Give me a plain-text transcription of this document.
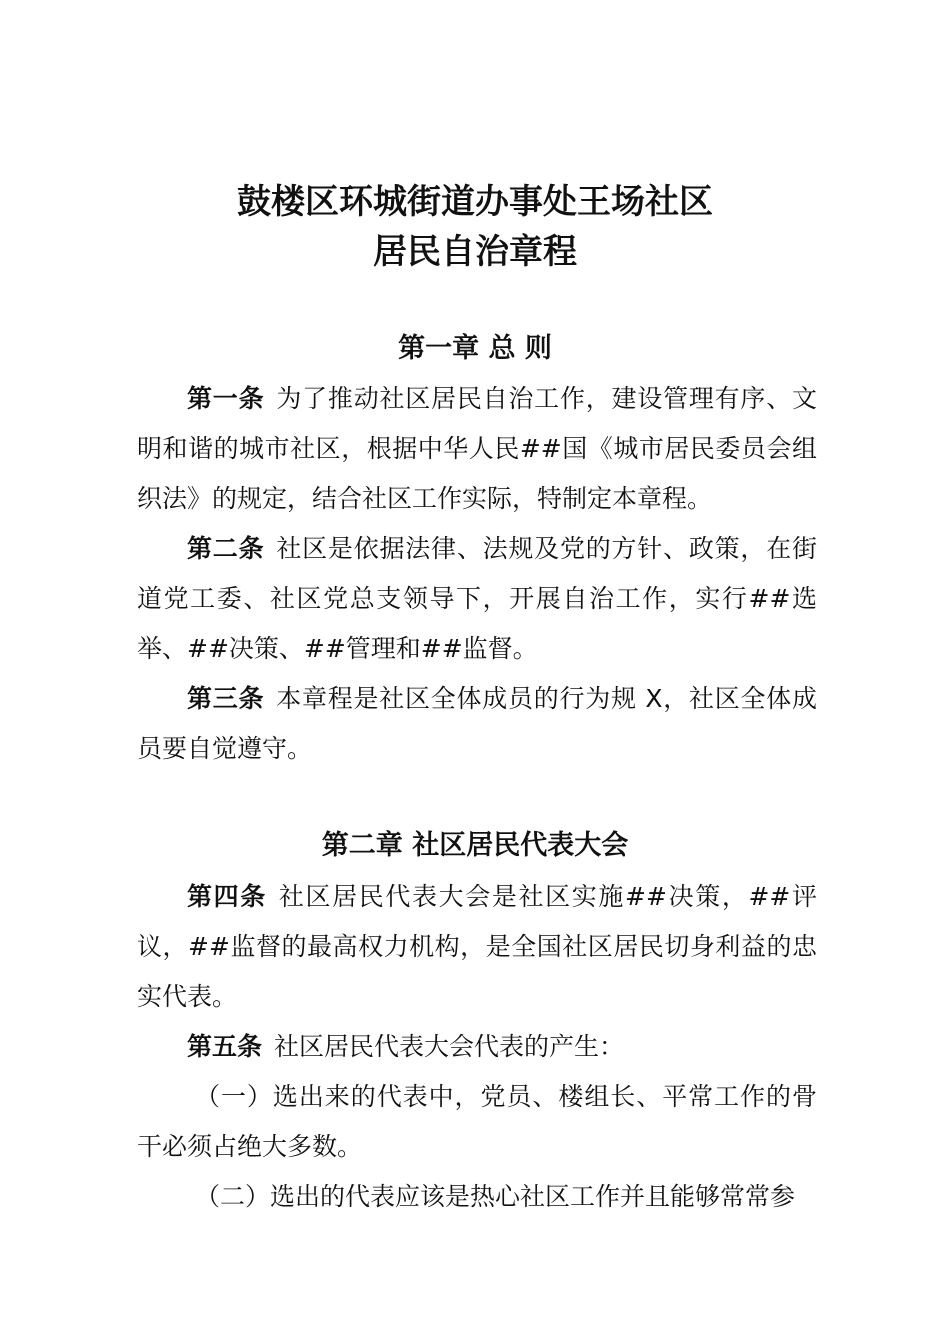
鼓楼区环城街道办事处王场社区
居民自治章程
第一章 总 则

第一条 为了推动社区居民自治工作，建设管理有序、文明和谐的城市社区，根据中华人民##国《城市居民委员会组织法》的规定，结合社区工作实际，特制定本章程。

第二条 社区是依据法律、法规及党的方针、政策，在街道党工委、社区党总支领导下，开展自治工作，实行##选举、##决策、##管理和##监督。

第三条 本章程是社区全体成员的行为规 X，社区全体成员要自觉遵守。

第二章 社区居民代表大会

第四条 社区居民代表大会是社区实施##决策，##评议，##监督的最高权力机构，是全国社区居民切身利益的忠实代表。

第五条 社区居民代表大会代表的产生：

（一）选出来的代表中，党员、楼组长、平常工作的骨干必须占绝大多数。

（二）选出的代表应该是热心社区工作并且能够常常参
